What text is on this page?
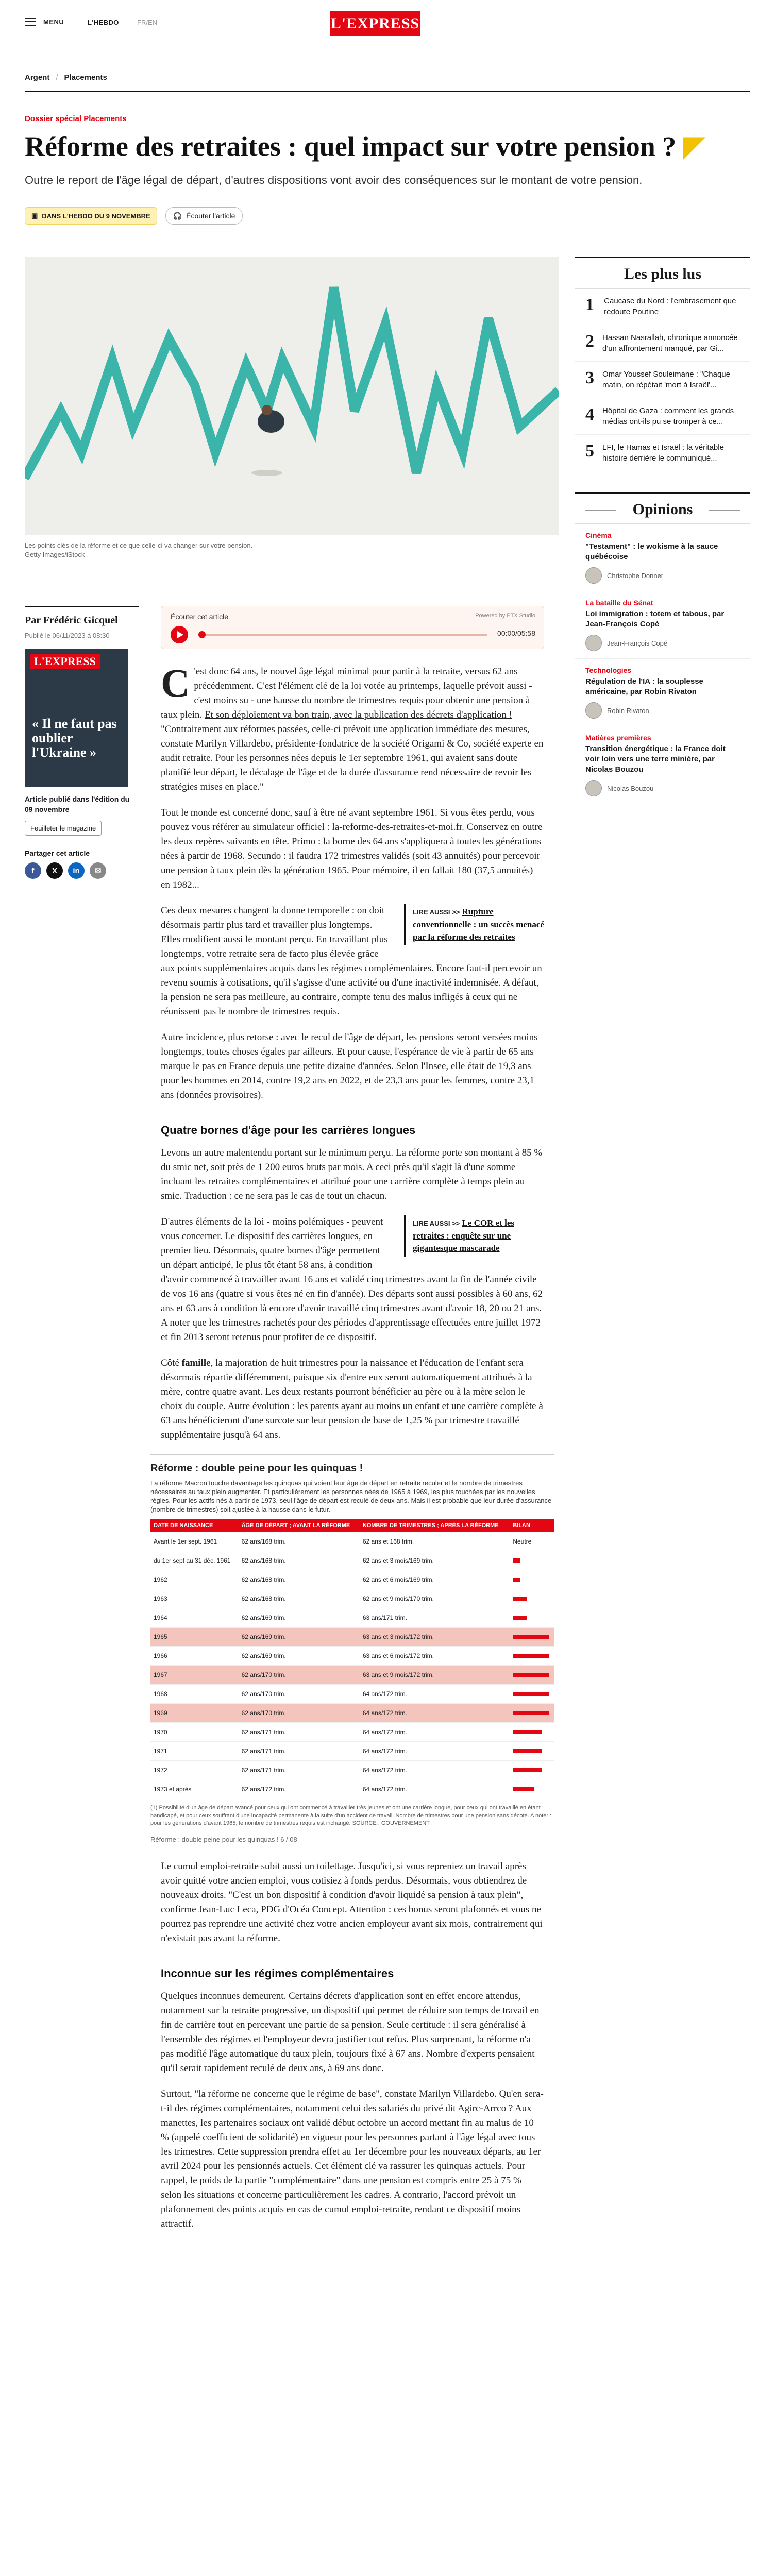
MENU	L'HEBDO	FR/EN	L'EXPRESS
Argent / Placements
Dossier spécial Placements
Réforme des retraites : quel impact sur votre pension ? ◤
Outre le report de l'âge légal de départ, d'autres dispositions vont avoir des conséquences sur le montant de votre pension.
▣ DANS L'HEBDO DU 9 NOVEMBRE	🎧 Écouter l'article
Les points clés de la réforme et ce que celle-ci va changer sur votre pension.
Getty Images/iStock
Les plus lus
1 Caucase du Nord : l'embrasement que redoute Poutine
2 Hassan Nasrallah, chronique annoncée d'un affrontement manqué, par Gi...
3 Omar Youssef Souleimane : "Chaque matin, on répétait 'mort à Israël'...
4 Hôpital de Gaza : comment les grands médias ont-ils pu se tromper à ce...
5 LFI, le Hamas et Israël : la véritable histoire derrière le communiqué...
Opinions
Cinéma
"Testament" : le wokisme à la sauce québécoise
Christophe Donner
La bataille du Sénat
Loi immigration : totem et tabous, par Jean-François Copé
Jean-François Copé
Technologies
Régulation de l'IA : la souplesse américaine, par Robin Rivaton
Robin Rivaton
Matières premières
Transition énergétique : la France doit voir loin vers une terre minière, par Nicolas Bouzou
Nicolas Bouzou
Par Frédéric Gicquel
Publié le 06/11/2023 à 08:30
L'EXPRESS
« Il ne faut pas oublier l'Ukraine »
Article publié dans l'édition du 09 novembre
Feuilleter le magazine
Partager cet article
f	X	in	✉
Écouter cet article	Powered by ETX Studio
00:00/05:58

C 'est donc 64 ans, le nouvel âge légal minimal pour partir à la retraite, versus 62 ans précédemment. C'est l'élément clé de la loi votée au printemps, laquelle prévoit aussi - c'est moins su - une hausse du nombre de trimestres requis pour obtenir une pension à taux plein. Et son déploiement va bon train, avec la publication des décrets d'application ! "Contrairement aux réformes passées, celle-ci prévoit une application immédiate des mesures, constate Marilyn Villardebo, présidente-fondatrice de la société Origami & Co, société experte en audit retraite. Pour les personnes nées depuis le 1er septembre 1961, qui avaient sans doute planifié leur départ, le décalage de l'âge et de la durée d'assurance rend nécessaire de revoir les stratégies mises en place."

Tout le monde est concerné donc, sauf à être né avant septembre 1961. Si vous êtes perdu, vous pouvez vous référer au simulateur officiel : la-reforme-des-retraites-et-moi.fr. Conservez en outre les deux repères suivants en tête. Primo : la borne des 64 ans s'appliquera à toutes les générations nées à partir de 1968. Secundo : il faudra 172 trimestres validés (soit 43 annuités) pour percevoir une pension à taux plein dès la génération 1965. Pour mémoire, il en fallait 180 (37,5 annuités) en 1982...

LIRE AUSSI >> Rupture conventionnelle : un succès menacé par la réforme des retraites

Ces deux mesures changent la donne temporelle : on doit désormais partir plus tard et travailler plus longtemps. Elles modifient aussi le montant perçu. En travaillant plus longtemps, votre retraite sera de facto plus élevée grâce aux points supplémentaires acquis dans les régimes complémentaires. Encore faut-il percevoir un revenu soumis à cotisations, qu'il s'agisse d'une activité ou d'une inactivité indemnisée. A défaut, la pension ne sera pas meilleure, au contraire, compte tenu des malus infligés à ceux qui ne réunissent pas le nombre de trimestres requis.

Autre incidence, plus retorse : avec le recul de l'âge de départ, les pensions seront versées moins longtemps, toutes choses égales par ailleurs. Et pour cause, l'espérance de vie à partir de 65 ans marque le pas en France depuis une petite dizaine d'années. Selon l'Insee, elle était de 19,3 ans pour les hommes en 2014, contre 19,2 ans en 2022, et de 23,3 ans pour les femmes, contre 23,1 ans (données provisoires).

Quatre bornes d'âge pour les carrières longues

Levons un autre malentendu portant sur le minimum perçu. La réforme porte son montant à 85 % du smic net, soit près de 1 200 euros bruts par mois. A ceci près qu'il s'agit là d'une somme incluant les retraites complémentaires et attribué pour une carrière complète à temps plein au smic. Traduction : ce ne sera pas le cas de tout un chacun.

LIRE AUSSI >> Le COR et les retraites : enquête sur une gigantesque mascarade

D'autres éléments de la loi - moins polémiques - peuvent vous concerner. Le dispositif des carrières longues, en premier lieu. Désormais, quatre bornes d'âge permettent un départ anticipé, le plus tôt étant 58 ans, à condition d'avoir commencé à travailler avant 16 ans et validé cinq trimestres avant la fin de l'année civile de vos 16 ans (quatre si vous êtes né en fin d'année). Des départs sont aussi possibles à 60 ans, 62 ans et 63 ans à condition là encore d'avoir travaillé cinq trimestres avant d'avoir 18, 20 ou 21 ans. A noter que les trimestres rachetés pour des périodes d'apprentissage effectuées entre juillet 1972 et fin 2013 seront retenus pour profiter de ce dispositif.

Côté famille, la majoration de huit trimestres pour la naissance et l'éducation de l'enfant sera désormais répartie différemment, puisque six d'entre eux seront automatiquement attribués à la mère, contre quatre avant. Les deux restants pourront bénéficier au père ou à la mère selon le choix du couple. Autre évolution : les parents ayant au moins un enfant et une carrière complète à 63 ans bénéficieront d'une surcote sur leur pension de base de 1,25 % par trimestre travaillé supplémentaire jusqu'à 64 ans.

Réforme : double peine pour les quinquas !
La réforme Macron touche davantage les quinquas qui voient leur âge de départ en retraite reculer et le nombre de trimestres nécessaires au taux plein augmenter. Et particulièrement les personnes nées de 1965 à 1969, les plus touchées par les nouvelles règles. Pour les actifs nés à partir de 1973, seul l'âge de départ est reculé de deux ans. Mais il est probable que leur durée d'assurance (nombre de trimestres) soit ajustée à la hausse dans le futur.
DATE DE NAISSANCE	ÂGE DE DÉPART ; AVANT LA RÉFORME	NOMBRE DE TRIMESTRES ; APRÈS LA RÉFORME	BILAN
Avant le 1er sept. 1961	62 ans/168 trim.	62 ans et 168 trim.	Neutre
du 1er sept au 31 déc. 1961	62 ans/168 trim.	62 ans et 3 mois/169 trim.	
1962	62 ans/168 trim.	62 ans et 6 mois/169 trim.	
1963	62 ans/168 trim.	62 ans et 9 mois/170 trim.	
1964	62 ans/169 trim.	63 ans/171 trim.	
1965	62 ans/169 trim.	63 ans et 3 mois/172 trim.	
1966	62 ans/169 trim.	63 ans et 6 mois/172 trim.	
1967	62 ans/170 trim.	63 ans et 9 mois/172 trim.	
1968	62 ans/170 trim.	64 ans/172 trim.	
1969	62 ans/170 trim.	64 ans/172 trim.	
1970	62 ans/171 trim.	64 ans/172 trim.	
1971	62 ans/171 trim.	64 ans/172 trim.	
1972	62 ans/171 trim.	64 ans/172 trim.	
1973 et après	62 ans/172 trim.	64 ans/172 trim.	
(1) Possibilité d'un âge de départ avancé pour ceux qui ont commencé à travailler très jeunes et ont une carrière longue, pour ceux qui ont travaillé en étant handicapé, et pour ceux souffrant d'une incapacité permanente à la suite d'un accident de travail. Nombre de trimestres pour une pension sans décote. A noter : pour les générations d'avant 1965, le nombre de trimestres requis est inchangé. SOURCE : GOUVERNEMENT
Réforme : double peine pour les quinquas ! 6 / 08

Le cumul emploi-retraite subit aussi un toilettage. Jusqu'ici, si vous repreniez un travail après avoir quitté votre ancien emploi, vous cotisiez à fonds perdus. Désormais, vous obtiendrez de nouveaux droits. "C'est un bon dispositif à condition d'avoir liquidé sa pension à taux plein", confirme Jean-Luc Leca, PDG d'Océa Concept. Attention : ces bonus seront plafonnés et vous ne pourrez pas reprendre une activité chez votre ancien employeur avant six mois, contrairement qui n'existait pas avant la réforme.

Inconnue sur les régimes complémentaires

Quelques inconnues demeurent. Certains décrets d'application sont en effet encore attendus, notamment sur la retraite progressive, un dispositif qui permet de réduire son temps de travail en fin de carrière tout en percevant une partie de sa pension. Seule certitude : il sera généralisé à l'ensemble des régimes et l'employeur devra justifier tout refus. Plus surprenant, la réforme n'a pas modifié l'âge automatique du taux plein, toujours fixé à 67 ans. Nombre d'experts pensaient qu'il serait rapidement reculé de deux ans, à 69 ans donc.

Surtout, "la réforme ne concerne que le régime de base", constate Marilyn Villardebo. Qu'en sera-t-il des régimes complémentaires, notamment celui des salariés du privé dit Agirc-Arrco ? Aux manettes, les partenaires sociaux ont validé début octobre un accord mettant fin au malus de 10 % (appelé coefficient de solidarité) en vigueur pour les personnes partant à l'âge légal avec tous les trimestres. Cette suppression prendra effet au 1er décembre pour les nouveaux départs, au 1er avril 2024 pour les pensionnés actuels. Cet élément clé va rassurer les quinquas actuels. Pour rappel, le poids de la partie "complémentaire" dans une pension est compris entre 25 à 75 % selon les situations et concerne particulièrement les cadres. A contrario, l'accord prévoit un plafonnement des points acquis en cas de cumul emploi-retraite, rendant ce dispositif moins attractif.
